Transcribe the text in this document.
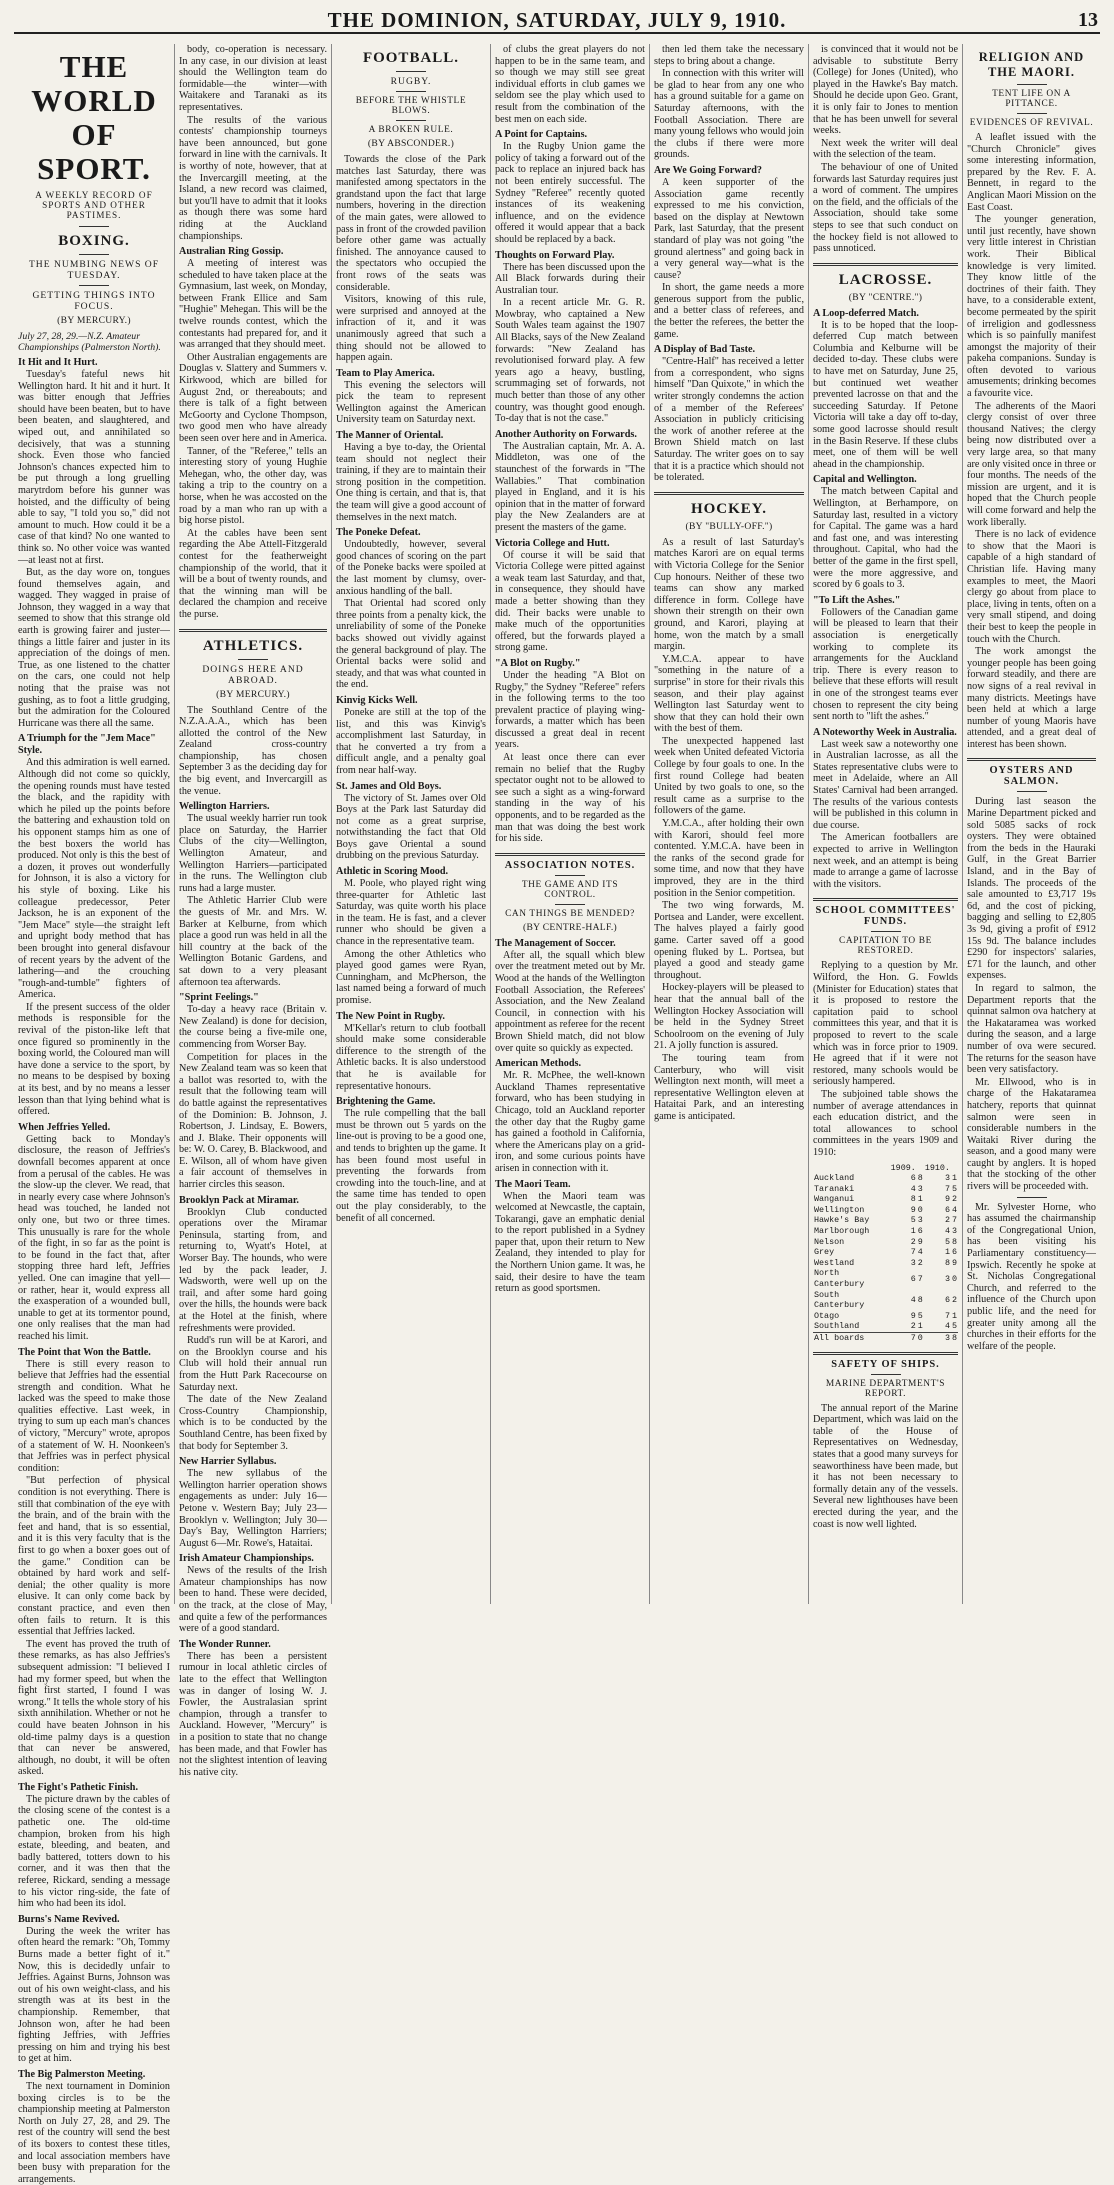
THE DOMINION, SATURDAY, JULY 9, 1910.	13
THE WORLD OF SPORT.
A WEEKLY RECORD OF SPORTS AND OTHER PASTIMES.
BOXING.
THE NUMBING NEWS OF TUESDAY.
GETTING THINGS INTO FOCUS.
(BY MERCURY.)
July 27, 28, 29.—N.Z. Amateur Championships (Palmerston North).
It Hit and It Hurt.

Tuesday's fateful news hit Wellington hard. It hit and it hurt. It was bitter enough that Jeffries should have been beaten, but to have been beaten, and slaughtered, and wiped out, and annihilated so decisively, that was a stunning shock. Even those who fancied Johnson's chances expected him to be put through a long gruelling marytrdom before his gunner was hoisted, and the difficulty of being able to say, "I told you so," did not amount to much. How could it be a case of that kind? No one wanted to think so. No other voice was wanted—at least not at first.

But, as the day wore on, tongues found themselves again, and wagged. They wagged in praise of Johnson, they wagged in a way that seemed to show that this strange old earth is growing fairer and juster—things a little fairer and juster in its appreciation of the doings of men. True, as one listened to the chatter on the cars, one could not help noting that the praise was not gushing, as to foot a little grudging, but the admiration for the Coloured Hurricane was there all the same.

A Triumph for the "Jem Mace" Style.

And this admiration is well earned. Although did not come so quickly, the opening rounds must have tested the black, and the rapidity with which he piled up the points before the battering and exhaustion told on his opponent stamps him as one of the best boxers the world has produced. Not only is this the best of a dozen, it proves out wonderfully for Johnson, it is also a victory for his style of boxing. Like his colleague predecessor, Peter Jackson, he is an exponent of the "Jem Mace" style—the straight left and upright body method that has been brought into general disfavour of recent years by the advent of the lathering—and the crouching "rough-and-tumble" fighters of America.

If the present success of the older methods is responsible for the revival of the piston-like left that once figured so prominently in the boxing world, the Coloured man will have done a service to the sport, by no means to be despised by boxing at its best, and by no means a lesser lesson than that lying behind what is offered.

When Jeffries Yelled.

Getting back to Monday's disclosure, the reason of Jeffries's downfall becomes apparent at once from a perusal of the cables. He was the slow-up the clever. We read, that in nearly every case where Johnson's head was touched, he landed not only one, but two or three times. This unusually is rare for the whole of the fight, in so far as the point is to be found in the fact that, after stopping three hard left, Jeffries yelled. One can imagine that yell—or rather, hear it, would express all the exasperation of a wounded bull, unable to get at its tormentor pound, one only realises that the man had reached his limit.

The Point that Won the Battle.

There is still every reason to believe that Jeffries had the essential strength and condition. What he lacked was the speed to make those qualities effective. Last week, in trying to sum up each man's chances of victory, "Mercury" wrote, apropos of a statement of W. H. Noonkeen's that Jeffries was in perfect physical condition:

"But perfection of physical condition is not everything. There is still that combination of the eye with the brain, and of the brain with the feet and hand, that is so essential, and it is this very faculty that is the first to go when a boxer goes out of the game." Condition can be obtained by hard work and self-denial; the other quality is more elusive. It can only come back by constant practice, and even then often fails to return. It is this essential that Jeffries lacked.

The event has proved the truth of these remarks, as has also Jeffries's subsequent admission: "I believed I had my former speed, but when the fight first started, I found I was wrong." It tells the whole story of his sixth annihilation. Whether or not he could have beaten Johnson in his old-time palmy days is a question that can never be answered, although, no doubt, it will be often asked.

The Fight's Pathetic Finish.

The picture drawn by the cables of the closing scene of the contest is a pathetic one. The old-time champion, broken from his high estate, bleeding, and beaten, and badly battered, totters down to his corner, and it was then that the referee, Rickard, sending a message to his victor ring-side, the fate of him who had been its idol.

Burns's Name Revived.

During the week the writer has often heard the remark: "Oh, Tommy Burns made a better fight of it." Now, this is decidedly unfair to Jeffries. Against Burns, Johnson was out of his own weight-class, and his strength was at its best in the championship. Remember, that Johnson won, after he had been fighting Jeffries, with Jeffries pressing on him and trying his best to get at him.

The Big Palmerston Meeting.

The next tournament in Dominion boxing circles is to be the championship meeting at Palmerston North on July 27, 28, and 29. The rest of the country will send the best of its boxers to contest these titles, and local association members have been busy with preparation for the arrangements.

body, co-operation is necessary. In any case, in our division at least should the Wellington team do formidable—the winter—with Waitakere and Taranaki as its representatives.

The results of the various contests' championship tourneys have been announced, but gone forward in line with the carnivals. It is worthy of note, however, that at the Invercargill meeting, at the Island, a new record was claimed, but you'll have to admit that it looks as though there was some hard riding at the Auckland championships.

Australian Ring Gossip.

A meeting of interest was scheduled to have taken place at the Gymnasium, last week, on Monday, between Frank Ellice and Sam "Hughie" Mehegan. This will be the twelve rounds contest, which the contestants had prepared for, and it was arranged that they should meet.

Other Australian engagements are Douglas v. Slattery and Summers v. Kirkwood, which are billed for August 2nd, or thereabouts; and there is talk of a fight between McGoorty and Cyclone Thompson, two good men who have already been seen over here and in America.

Tanner, of the "Referee," tells an interesting story of young Hughie Mehegan, who, the other day, was taking a trip to the country on a horse, when he was accosted on the road by a man who ran up with a big horse pistol.

At the cables have been sent regarding the Abe Attell-Fitzgerald contest for the featherweight championship of the world, that it will be a bout of twenty rounds, and that the winning man will be declared the champion and receive the purse.

ATHLETICS.
DOINGS HERE AND ABROAD.
(BY MERCURY.)

The Southland Centre of the N.Z.A.A.A., which has been allotted the control of the New Zealand cross-country championship, has chosen September 3 as the deciding day for the big event, and Invercargill as the venue.

Wellington Harriers.

The usual weekly harrier run took place on Saturday, the Harrier Clubs of the city—Wellington, Wellington Amateur, and Wellington Harriers—participated in the runs. The Wellington club runs had a large muster.

The Athletic Harrier Club were the guests of Mr. and Mrs. W. Barker at Kelburne, from which place a good run was held in all the hill country at the back of the Wellington Botanic Gardens, and sat down to a very pleasant afternoon tea afterwards.

"Sprint Feelings."

To-day a heavy race (Britain v. New Zealand) is done for decision, the course being a five-mile one, commencing from Worser Bay.

Competition for places in the New Zealand team was so keen that a ballot was resorted to, with the result that the following team will do battle against the representatives of the Dominion: B. Johnson, J. Robertson, J. Lindsay, E. Bowers, and J. Blake. Their opponents will be: W. O. Carey, B. Blackwood, and E. Wilson, all of whom have given a fair account of themselves in harrier circles this season.

Brooklyn Pack at Miramar.

Brooklyn Club conducted operations over the Miramar Peninsula, starting from, and returning to, Wyatt's Hotel, at Worser Bay. The hounds, who were led by the pack leader, J. Wadsworth, were well up on the trail, and after some hard going over the hills, the hounds were back at the Hotel at the finish, where refreshments were provided.

Rudd's run will be at Karori, and on the Brooklyn course and his Club will hold their annual run from the Hutt Park Racecourse on Saturday next.

The date of the New Zealand Cross-Country Championship, which is to be conducted by the Southland Centre, has been fixed by that body for September 3.

New Harrier Syllabus.

The new syllabus of the Wellington harrier operation shows engagements as under: July 16—Petone v. Western Bay; July 23—Brooklyn v. Wellington; July 30—Day's Bay, Wellington Harriers; August 6—Mr. Rowe's, Hataitai.

Irish Amateur Championships.

News of the results of the Irish Amateur championships has now been to hand. These were decided, on the track, at the close of May, and quite a few of the performances were of a good standard.

The Wonder Runner.

There has been a persistent rumour in local athletic circles of late to the effect that Wellington was in danger of losing W. J. Fowler, the Australasian sprint champion, through a transfer to Auckland. However, "Mercury" is in a position to state that no change has been made, and that Fowler has not the slightest intention of leaving his native city.

FOOTBALL.
RUGBY.
BEFORE THE WHISTLE BLOWS.
A BROKEN RULE.
(BY ABSCONDER.)

Towards the close of the Park matches last Saturday, there was manifested among spectators in the grandstand upon the fact that large numbers, hovering in the direction of the main gates, were allowed to pass in front of the crowded pavilion before other game was actually finished. The annoyance caused to the spectators who occupied the front rows of the seats was considerable.

Visitors, knowing of this rule, were surprised and annoyed at the infraction of it, and it was unanimously agreed that such a thing should not be allowed to happen again.

Team to Play America.

This evening the selectors will pick the team to represent Wellington against the American University team on Saturday next.

The Manner of Oriental.

Having a bye to-day, the Oriental team should not neglect their training, if they are to maintain their strong position in the competition. One thing is certain, and that is, that the team will give a good account of themselves in the next match.

The Poneke Defeat.

Undoubtedly, however, several good chances of scoring on the part of the Poneke backs were spoiled at the last moment by clumsy, over-anxious handling of the ball.

That Oriental had scored only three points from a penalty kick, the unreliability of some of the Poneke backs showed out vividly against the general background of play. The Oriental backs were solid and steady, and that was what counted in the end.

Kinvig Kicks Well.

Poneke are still at the top of the list, and this was Kinvig's accomplishment last Saturday, in that he converted a try from a difficult angle, and a penalty goal from near half-way.

St. James and Old Boys.

The victory of St. James over Old Boys at the Park last Saturday did not come as a great surprise, notwithstanding the fact that Old Boys gave Oriental a sound drubbing on the previous Saturday.

Athletic in Scoring Mood.

M. Poole, who played right wing three-quarter for Athletic last Saturday, was quite worth his place in the team. He is fast, and a clever runner who should be given a chance in the representative team.

Among the other Athletics who played good games were Ryan, Cunningham, and McPherson, the last named being a forward of much promise.

The New Point in Rugby.

M'Kellar's return to club football should make some considerable difference to the strength of the Athletic backs. It is also understood that he is available for representative honours.

Brightening the Game.

The rule compelling that the ball must be thrown out 5 yards on the line-out is proving to be a good one, and tends to brighten up the game. It has been found most useful in preventing the forwards from crowding into the touch-line, and at the same time has tended to open out the play considerably, to the benefit of all concerned.

of clubs the great players do not happen to be in the same team, and so though we may still see great individual efforts in club games we seldom see the play which used to result from the combination of the best men on each side.

A Point for Captains.

In the Rugby Union game the policy of taking a forward out of the pack to replace an injured back has not been entirely successful. The Sydney "Referee" recently quoted instances of its weakening influence, and on the evidence offered it would appear that a back should be replaced by a back.

Thoughts on Forward Play.

There has been discussed upon the All Black forwards during their Australian tour.

In a recent article Mr. G. R. Mowbray, who captained a New South Wales team against the 1907 All Blacks, says of the New Zealand forwards: "New Zealand has revolutionised forward play. A few years ago a heavy, bustling, scrummaging set of forwards, not much better than those of any other country, was thought good enough. To-day that is not the case."

Another Authority on Forwards.

The Australian captain, Mr. A. A. Middleton, was one of the staunchest of the forwards in "The Wallabies." That combination played in England, and it is his opinion that in the matter of forward play the New Zealanders are at present the masters of the game.

Victoria College and Hutt.

Of course it will be said that Victoria College were pitted against a weak team last Saturday, and that, in consequence, they should have made a better showing than they did. Their backs were unable to make much of the opportunities offered, but the forwards played a strong game.

"A Blot on Rugby."

Under the heading "A Blot on Rugby," the Sydney "Referee" refers in the following terms to the too prevalent practice of playing wing-forwards, a matter which has been discussed a great deal in recent years.

At least once there can ever remain no belief that the Rugby spectator ought not to be allowed to see such a sight as a wing-forward standing in the way of his opponents, and to be regarded as the man that was doing the best work for his side.

ASSOCIATION NOTES.
THE GAME AND ITS CONTROL.
CAN THINGS BE MENDED?
(BY CENTRE-HALF.)
The Management of Soccer.

After all, the squall which blew over the treatment meted out by Mr. Wood at the hands of the Wellington Football Association, the Referees' Association, and the New Zealand Council, in connection with his appointment as referee for the recent Brown Shield match, did not blow over quite so quickly as expected.

American Methods.

Mr. R. McPhee, the well-known Auckland Thames representative forward, who has been studying in Chicago, told an Auckland reporter the other day that the Rugby game has gained a foothold in California, where the Americans play on a grid-iron, and some curious points have arisen in connection with it.

The Maori Team.

When the Maori team was welcomed at Newcastle, the captain, Tokarangi, gave an emphatic denial to the report published in a Sydney paper that, upon their return to New Zealand, they intended to play for the Northern Union game. It was, he said, their desire to have the team return as good sportsmen.

then led them take the necessary steps to bring about a change.

In connection with this writer will be glad to hear from any one who has a ground suitable for a game on Saturday afternoons, with the Football Association. There are many young fellows who would join the clubs if there were more grounds.

Are We Going Forward?

A keen supporter of the Association game recently expressed to me his conviction, based on the display at Newtown Park, last Saturday, that the present standard of play was not going "the ground alertness" and going back in a very general way—what is the cause?

In short, the game needs a more generous support from the public, and a better class of referees, and the better the referees, the better the game.

A Display of Bad Taste.

"Centre-Half" has received a letter from a correspondent, who signs himself "Dan Quixote," in which the writer strongly condemns the action of a member of the Referees' Association in publicly criticising the work of another referee at the Brown Shield match on last Saturday. The writer goes on to say that it is a practice which should not be tolerated.

HOCKEY.
(BY "BULLY-OFF.")

As a result of last Saturday's matches Karori are on equal terms with Victoria College for the Senior Cup honours. Neither of these two teams can show any marked difference in form. College have shown their strength on their own ground, and Karori, playing at home, won the match by a small margin.

Y.M.C.A. appear to have "something in the nature of a surprise" in store for their rivals this season, and their play against Wellington last Saturday went to show that they can hold their own with the best of them.

The unexpected happened last week when United defeated Victoria College by four goals to one. In the first round College had beaten United by two goals to one, so the result came as a surprise to the followers of the game.

Y.M.C.A., after holding their own with Karori, should feel more contented. Y.M.C.A. have been in the ranks of the second grade for some time, and now that they have improved, they are in the third position in the Senior competition.

The two wing forwards, M. Portsea and Lander, were excellent. The halves played a fairly good game. Carter saved off a good opening fluked by L. Portsea, but played a good and steady game throughout.

Hockey-players will be pleased to hear that the annual ball of the Wellington Hockey Association will be held in the Sydney Street Schoolroom on the evening of July 21. A jolly function is assured.

The touring team from Canterbury, who will visit Wellington next month, will meet a representative Wellington eleven at Hataitai Park, and an interesting game is anticipated.

is convinced that it would not be advisable to substitute Berry (College) for Jones (United), who played in the Hawke's Bay match. Should he decide upon Geo. Grant, it is only fair to Jones to mention that he has been unwell for several weeks.

Next week the writer will deal with the selection of the team.

The behaviour of one of United forwards last Saturday requires just a word of comment. The umpires on the field, and the officials of the Association, should take some steps to see that such conduct on the hockey field is not allowed to pass unnoticed.

LACROSSE.
(BY "CENTRE.")
A Loop-deferred Match.

It is to be hoped that the loop-deferred Cup match between Columbia and Kelburne will be decided to-day. These clubs were to have met on Saturday, June 25, but continued wet weather prevented lacrosse on that and the succeeding Saturday. If Petone Victoria will take a day off to-day, some good lacrosse should result in the Basin Reserve. If these clubs meet, one of them will be well ahead in the championship.

Capital and Wellington.

The match between Capital and Wellington, at Berhampore, on Saturday last, resulted in a victory for Capital. The game was a hard and fast one, and was interesting throughout. Capital, who had the better of the game in the first spell, were the more aggressive, and scored by 6 goals to 3.

"To Lift the Ashes."

Followers of the Canadian game will be pleased to learn that their association is energetically working to complete its arrangements for the Auckland trip. There is every reason to believe that these efforts will result in one of the strongest teams ever chosen to represent the city being sent north to "lift the ashes."

A Noteworthy Week in Australia.

Last week saw a noteworthy one in Australian lacrosse, as all the States representative clubs were to meet in Adelaide, where an All States' Carnival had been arranged. The results of the various contests will be published in this column in due course.

The American footballers are expected to arrive in Wellington next week, and an attempt is being made to arrange a game of lacrosse with the visitors.

SCHOOL COMMITTEES' FUNDS.
CAPITATION TO BE RESTORED.

Replying to a question by Mr. Wilford, the Hon. G. Fowlds (Minister for Education) states that it is proposed to restore the capitation paid to school committees this year, and that it is proposed to revert to the scale which was in force prior to 1909. He agreed that if it were not restored, many schools would be seriously hampered.

The subjoined table shows the number of average attendances in each education district, and the total allowances to school committees in the years 1909 and 1910:

	1909.		1910.	
Auckland	6	8	3	1
Taranaki	4	3	7	5
Wanganui	8	1	9	2
Wellington	9	0	6	4
Hawke's Bay	5	3	2	7
Marlborough	1	6	4	3
Nelson	2	9	5	8
Grey	7	4	1	6
Westland	3	2	8	9
North Canterbury	6	7	3	0
South Canterbury	4	8	6	2
Otago	9	5	7	1
Southland	2	1	4	5
All boards	7	0	3	8
SAFETY OF SHIPS.
MARINE DEPARTMENT'S REPORT.

The annual report of the Marine Department, which was laid on the table of the House of Representatives on Wednesday, states that a good many surveys for seaworthiness have been made, but it has not been necessary to formally detain any of the vessels. Several new lighthouses have been erected during the year, and the coast is now well lighted.

RELIGION AND THE MAORI.
TENT LIFE ON A PITTANCE.
EVIDENCES OF REVIVAL.

A leaflet issued with the "Church Chronicle" gives some interesting information, prepared by the Rev. F. A. Bennett, in regard to the Anglican Maori Mission on the East Coast.

The younger generation, until just recently, have shown very little interest in Christian work. Their Biblical knowledge is very limited. They know little of the doctrines of their faith. They have, to a considerable extent, become permeated by the spirit of irreligion and godlessness which is so painfully manifest amongst the majority of their pakeha companions. Sunday is often devoted to various amusements; drinking becomes a favourite vice.

The adherents of the Maori clergy consist of over three thousand Natives; the clergy being now distributed over a very large area, so that many are only visited once in three or four months. The needs of the mission are urgent, and it is hoped that the Church people will come forward and help the work liberally.

There is no lack of evidence to show that the Maori is capable of a high standard of Christian life. Having many examples to meet, the Maori clergy go about from place to place, living in tents, often on a very small stipend, and doing their best to keep the people in touch with the Church.

The work amongst the younger people has been going forward steadily, and there are now signs of a real revival in many districts. Meetings have been held at which a large number of young Maoris have attended, and a great deal of interest has been shown.

OYSTERS AND SALMON.

During last season the Marine Department picked and sold 5085 sacks of rock oysters. They were obtained from the beds in the Hauraki Gulf, in the Great Barrier Island, and in the Bay of Islands. The proceeds of the sale amounted to £3,717 19s 6d, and the cost of picking, bagging and selling to £2,805 3s 9d, giving a profit of £912 15s 9d. The balance includes £290 for inspectors' salaries, £71 for the launch, and other expenses.

In regard to salmon, the Department reports that the quinnat salmon ova hatchery at the Hakataramea was worked during the season, and a large number of ova were secured. The returns for the season have been very satisfactory.

Mr. Ellwood, who is in charge of the Hakataramea hatchery, reports that quinnat salmon were seen in considerable numbers in the Waitaki River during the season, and a good many were caught by anglers. It is hoped that the stocking of the other rivers will be proceeded with.

Mr. Sylvester Horne, who has assumed the chairmanship of the Congregational Union, has been visiting his Parliamentary constituency—Ipswich. Recently he spoke at St. Nicholas Congregational Church, and referred to the influence of the Church upon public life, and the need for greater unity among all the churches in their efforts for the welfare of the people.
